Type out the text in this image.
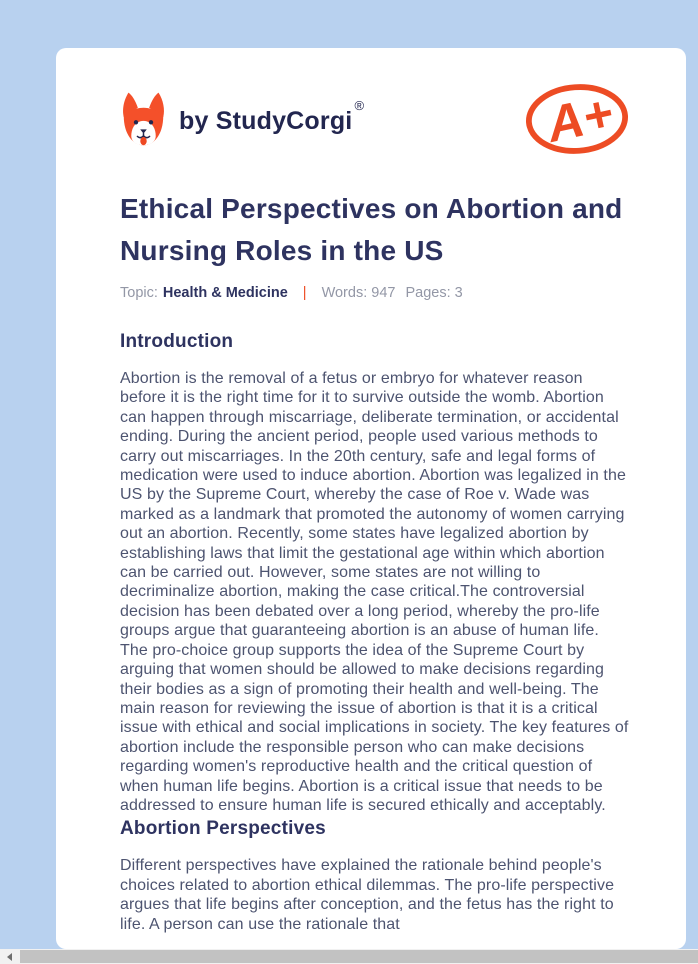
by StudyCorgi®	A+
Ethical Perspectives on Abortion and Nursing Roles in the US
Topic: Health & Medicine | Words: 947 Pages: 3
Introduction

Abortion is the removal of a fetus or embryo for whatever reason before it is the right time for it to survive outside the womb. Abortion can happen through miscarriage, deliberate termination, or accidental ending. During the ancient period, people used various methods to carry out miscarriages. In the 20th century, safe and legal forms of medication were used to induce abortion. Abortion was legalized in the US by the Supreme Court, whereby the case of Roe v. Wade was marked as a landmark that promoted the autonomy of women carrying out an abortion. Recently, some states have legalized abortion by establishing laws that limit the gestational age within which abortion can be carried out. However, some states are not willing to decriminalize abortion, making the case critical.The controversial decision has been debated over a long period, whereby the pro-life groups argue that guaranteeing abortion is an abuse of human life. The pro-choice group supports the idea of the Supreme Court by arguing that women should be allowed to make decisions regarding their bodies as a sign of promoting their health and well-being. The main reason for reviewing the issue of abortion is that it is a critical issue with ethical and social implications in society. The key features of abortion include the responsible person who can make decisions regarding women's reproductive health and the critical question of when human life begins. Abortion is a critical issue that needs to be addressed to ensure human life is secured ethically and acceptably.

Abortion Perspectives

Different perspectives have explained the rationale behind people's choices related to abortion ethical dilemmas. The pro-life perspective argues that life begins after conception, and the fetus has the right to life. A person can use the rationale that
